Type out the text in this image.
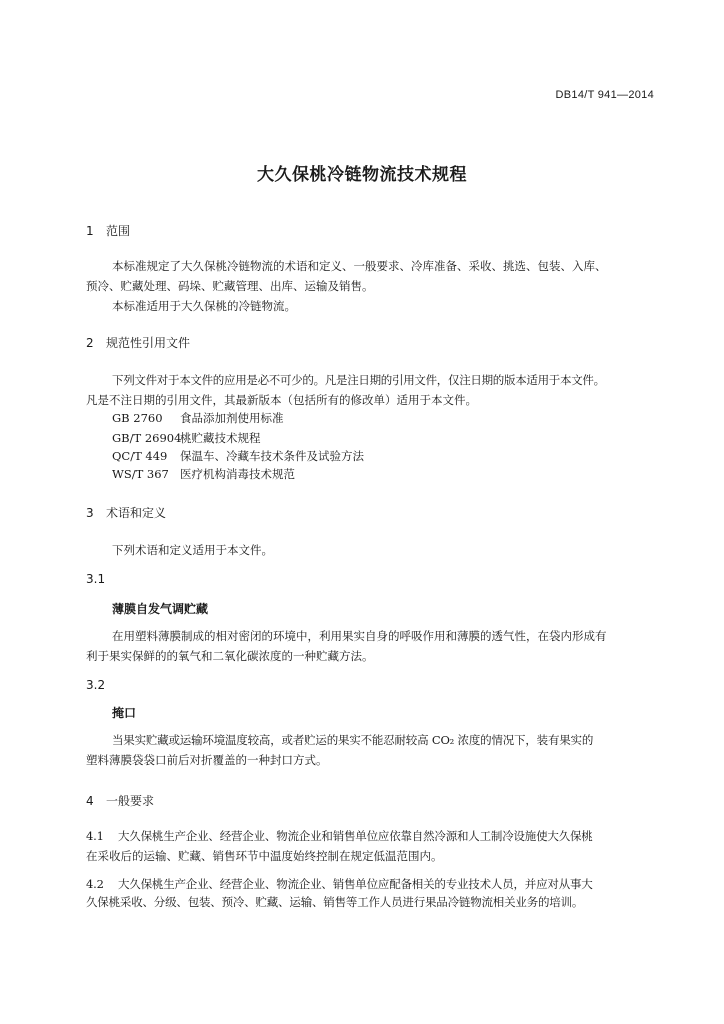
DB14/T 941—2014
大久保桃冷链物流技术规程
1 范围
本标准规定了大久保桃冷链物流的术语和定义、一般要求、冷库准备、采收、挑选、包装、入库、
预冷、贮藏处理、码垛、贮藏管理、出库、运输及销售。
本标准适用于大久保桃的冷链物流。
2 规范性引用文件
下列文件对于本文件的应用是必不可少的。凡是注日期的引用文件，仅注日期的版本适用于本文件。
凡是不注日期的引用文件，其最新版本（包括所有的修改单）适用于本文件。
GB 2760 食品添加剂使用标准
GB/T 26904桃贮藏技术规程
QC/T 449 保温车、冷藏车技术条件及试验方法
WS/T 367 医疗机构消毒技术规范
3 术语和定义
下列术语和定义适用于本文件。
3.1
薄膜自发气调贮藏
在用塑料薄膜制成的相对密闭的环境中，利用果实自身的呼吸作用和薄膜的透气性，在袋内形成有
利于果实保鲜的的氧气和二氧化碳浓度的一种贮藏方法。
3.2
掩口
当果实贮藏或运输环境温度较高，或者贮运的果实不能忍耐较高 CO₂ 浓度的情况下，装有果实的
塑料薄膜袋袋口前后对折覆盖的一种封口方式。
4 一般要求
4.1 大久保桃生产企业、经营企业、物流企业和销售单位应依靠自然冷源和人工制冷设施使大久保桃
在采收后的运输、贮藏、销售环节中温度始终控制在规定低温范围内。
4.2 大久保桃生产企业、经营企业、物流企业、销售单位应配备相关的专业技术人员，并应对从事大
久保桃采收、分级、包装、预冷、贮藏、运输、销售等工作人员进行果品冷链物流相关业务的培训。
